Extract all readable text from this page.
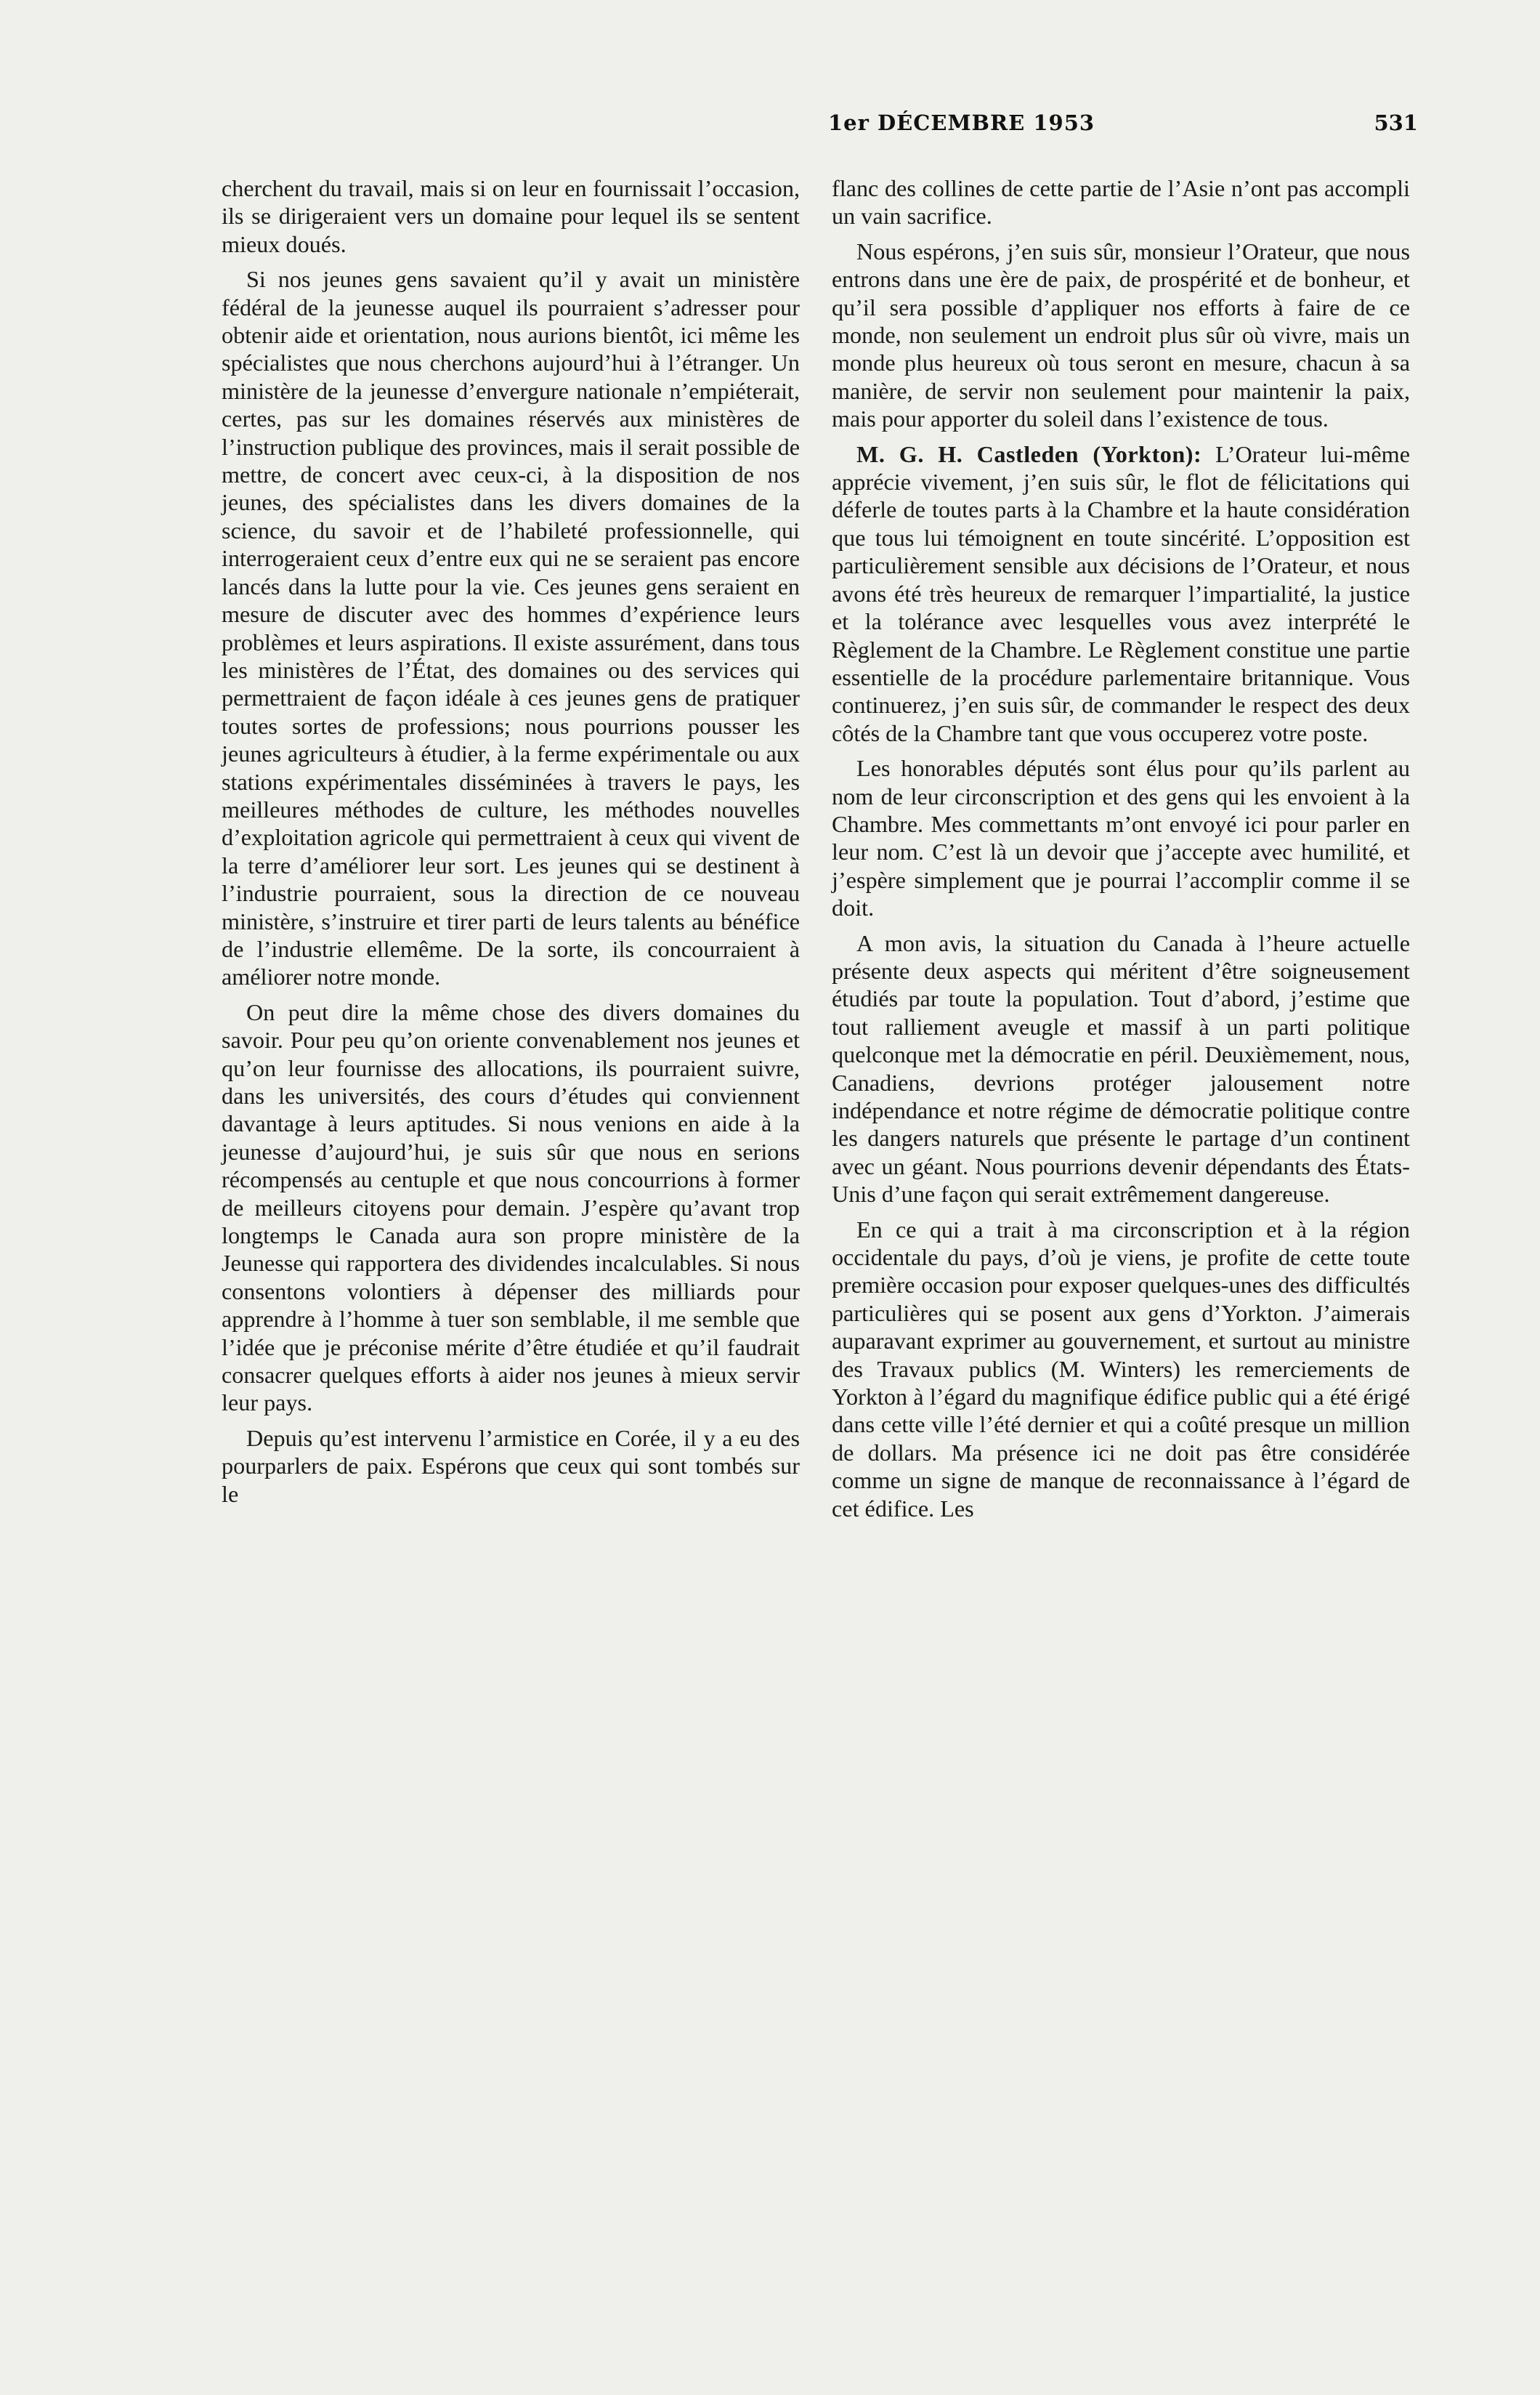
1er DÉCEMBRE 1953	531

cherchent du travail, mais si on leur en fournissait l’occasion, ils se dirigeraient vers un domaine pour lequel ils se sentent mieux doués.

Si nos jeunes gens savaient qu’il y avait un ministère fédéral de la jeunesse auquel ils pourraient s’adresser pour obtenir aide et orientation, nous aurions bientôt, ici même les spécialistes que nous cherchons aujourd’hui à l’étranger. Un ministère de la jeunesse d’envergure nationale n’empiéterait, certes, pas sur les domaines réservés aux ministères de l’instruction publique des provinces, mais il serait possible de mettre, de concert avec ceux-ci, à la disposition de nos jeunes, des spécialistes dans les divers domaines de la science, du savoir et de l’habileté professionnelle, qui interrogeraient ceux d’entre eux qui ne se seraient pas encore lancés dans la lutte pour la vie. Ces jeunes gens seraient en mesure de discuter avec des hommes d’expérience leurs problèmes et leurs aspirations. Il existe assurément, dans tous les ministères de l’État, des domaines ou des services qui permettraient de façon idéale à ces jeunes gens de pratiquer toutes sortes de professions; nous pourrions pousser les jeunes agriculteurs à étudier, à la ferme expérimentale ou aux stations expérimentales disséminées à travers le pays, les meilleures méthodes de culture, les méthodes nouvelles d’exploitation agricole qui permettraient à ceux qui vivent de la terre d’améliorer leur sort. Les jeunes qui se destinent à l’industrie pourraient, sous la direction de ce nouveau ministère, s’instruire et tirer parti de leurs talents au bénéfice de l’industrie ellemême. De la sorte, ils concourraient à améliorer notre monde.

On peut dire la même chose des divers domaines du savoir. Pour peu qu’on oriente convenablement nos jeunes et qu’on leur fournisse des allocations, ils pourraient suivre, dans les universités, des cours d’études qui conviennent davantage à leurs aptitudes. Si nous venions en aide à la jeunesse d’aujourd’hui, je suis sûr que nous en serions récompensés au centuple et que nous concourrions à former de meilleurs citoyens pour demain. J’espère qu’avant trop longtemps le Canada aura son propre ministère de la Jeunesse qui rapportera des dividendes incalculables. Si nous consentons volontiers à dépenser des milliards pour apprendre à l’homme à tuer son semblable, il me semble que l’idée que je préconise mérite d’être étudiée et qu’il faudrait consacrer quelques efforts à aider nos jeunes à mieux servir leur pays.

Depuis qu’est intervenu l’armistice en Corée, il y a eu des pourparlers de paix. Espérons que ceux qui sont tombés sur le

flanc des collines de cette partie de l’Asie n’ont pas accompli un vain sacrifice.

Nous espérons, j’en suis sûr, monsieur l’Orateur, que nous entrons dans une ère de paix, de prospérité et de bonheur, et qu’il sera possible d’appliquer nos efforts à faire de ce monde, non seulement un endroit plus sûr où vivre, mais un monde plus heureux où tous seront en mesure, chacun à sa manière, de servir non seulement pour maintenir la paix, mais pour apporter du soleil dans l’existence de tous.

M. G. H. Castleden (Yorkton): L’Orateur lui-même apprécie vivement, j’en suis sûr, le flot de félicitations qui déferle de toutes parts à la Chambre et la haute considération que tous lui témoignent en toute sincérité. L’opposition est particulièrement sensible aux décisions de l’Orateur, et nous avons été très heureux de remarquer l’impartialité, la justice et la tolérance avec lesquelles vous avez interprété le Règlement de la Chambre. Le Règlement constitue une partie essentielle de la procédure parlementaire britannique. Vous continuerez, j’en suis sûr, de commander le respect des deux côtés de la Chambre tant que vous occuperez votre poste.

Les honorables députés sont élus pour qu’ils parlent au nom de leur circonscription et des gens qui les envoient à la Chambre. Mes commettants m’ont envoyé ici pour parler en leur nom. C’est là un devoir que j’accepte avec humilité, et j’espère simplement que je pourrai l’accomplir comme il se doit.

A mon avis, la situation du Canada à l’heure actuelle présente deux aspects qui méritent d’être soigneusement étudiés par toute la population. Tout d’abord, j’estime que tout ralliement aveugle et massif à un parti politique quelconque met la démocratie en péril. Deuxièmement, nous, Canadiens, devrions protéger jalousement notre indépendance et notre régime de démocratie politique contre les dangers naturels que présente le partage d’un continent avec un géant. Nous pourrions devenir dépendants des États-Unis d’une façon qui serait extrêmement dangereuse.

En ce qui a trait à ma circonscription et à la région occidentale du pays, d’où je viens, je profite de cette toute première occasion pour exposer quelques-unes des difficultés particulières qui se posent aux gens d’Yorkton. J’aimerais auparavant exprimer au gouvernement, et surtout au ministre des Travaux publics (M. Winters) les remerciements de Yorkton à l’égard du magnifique édifice public qui a été érigé dans cette ville l’été dernier et qui a coûté presque un million de dollars. Ma présence ici ne doit pas être considérée comme un signe de manque de reconnaissance à l’égard de cet édifice. Les
